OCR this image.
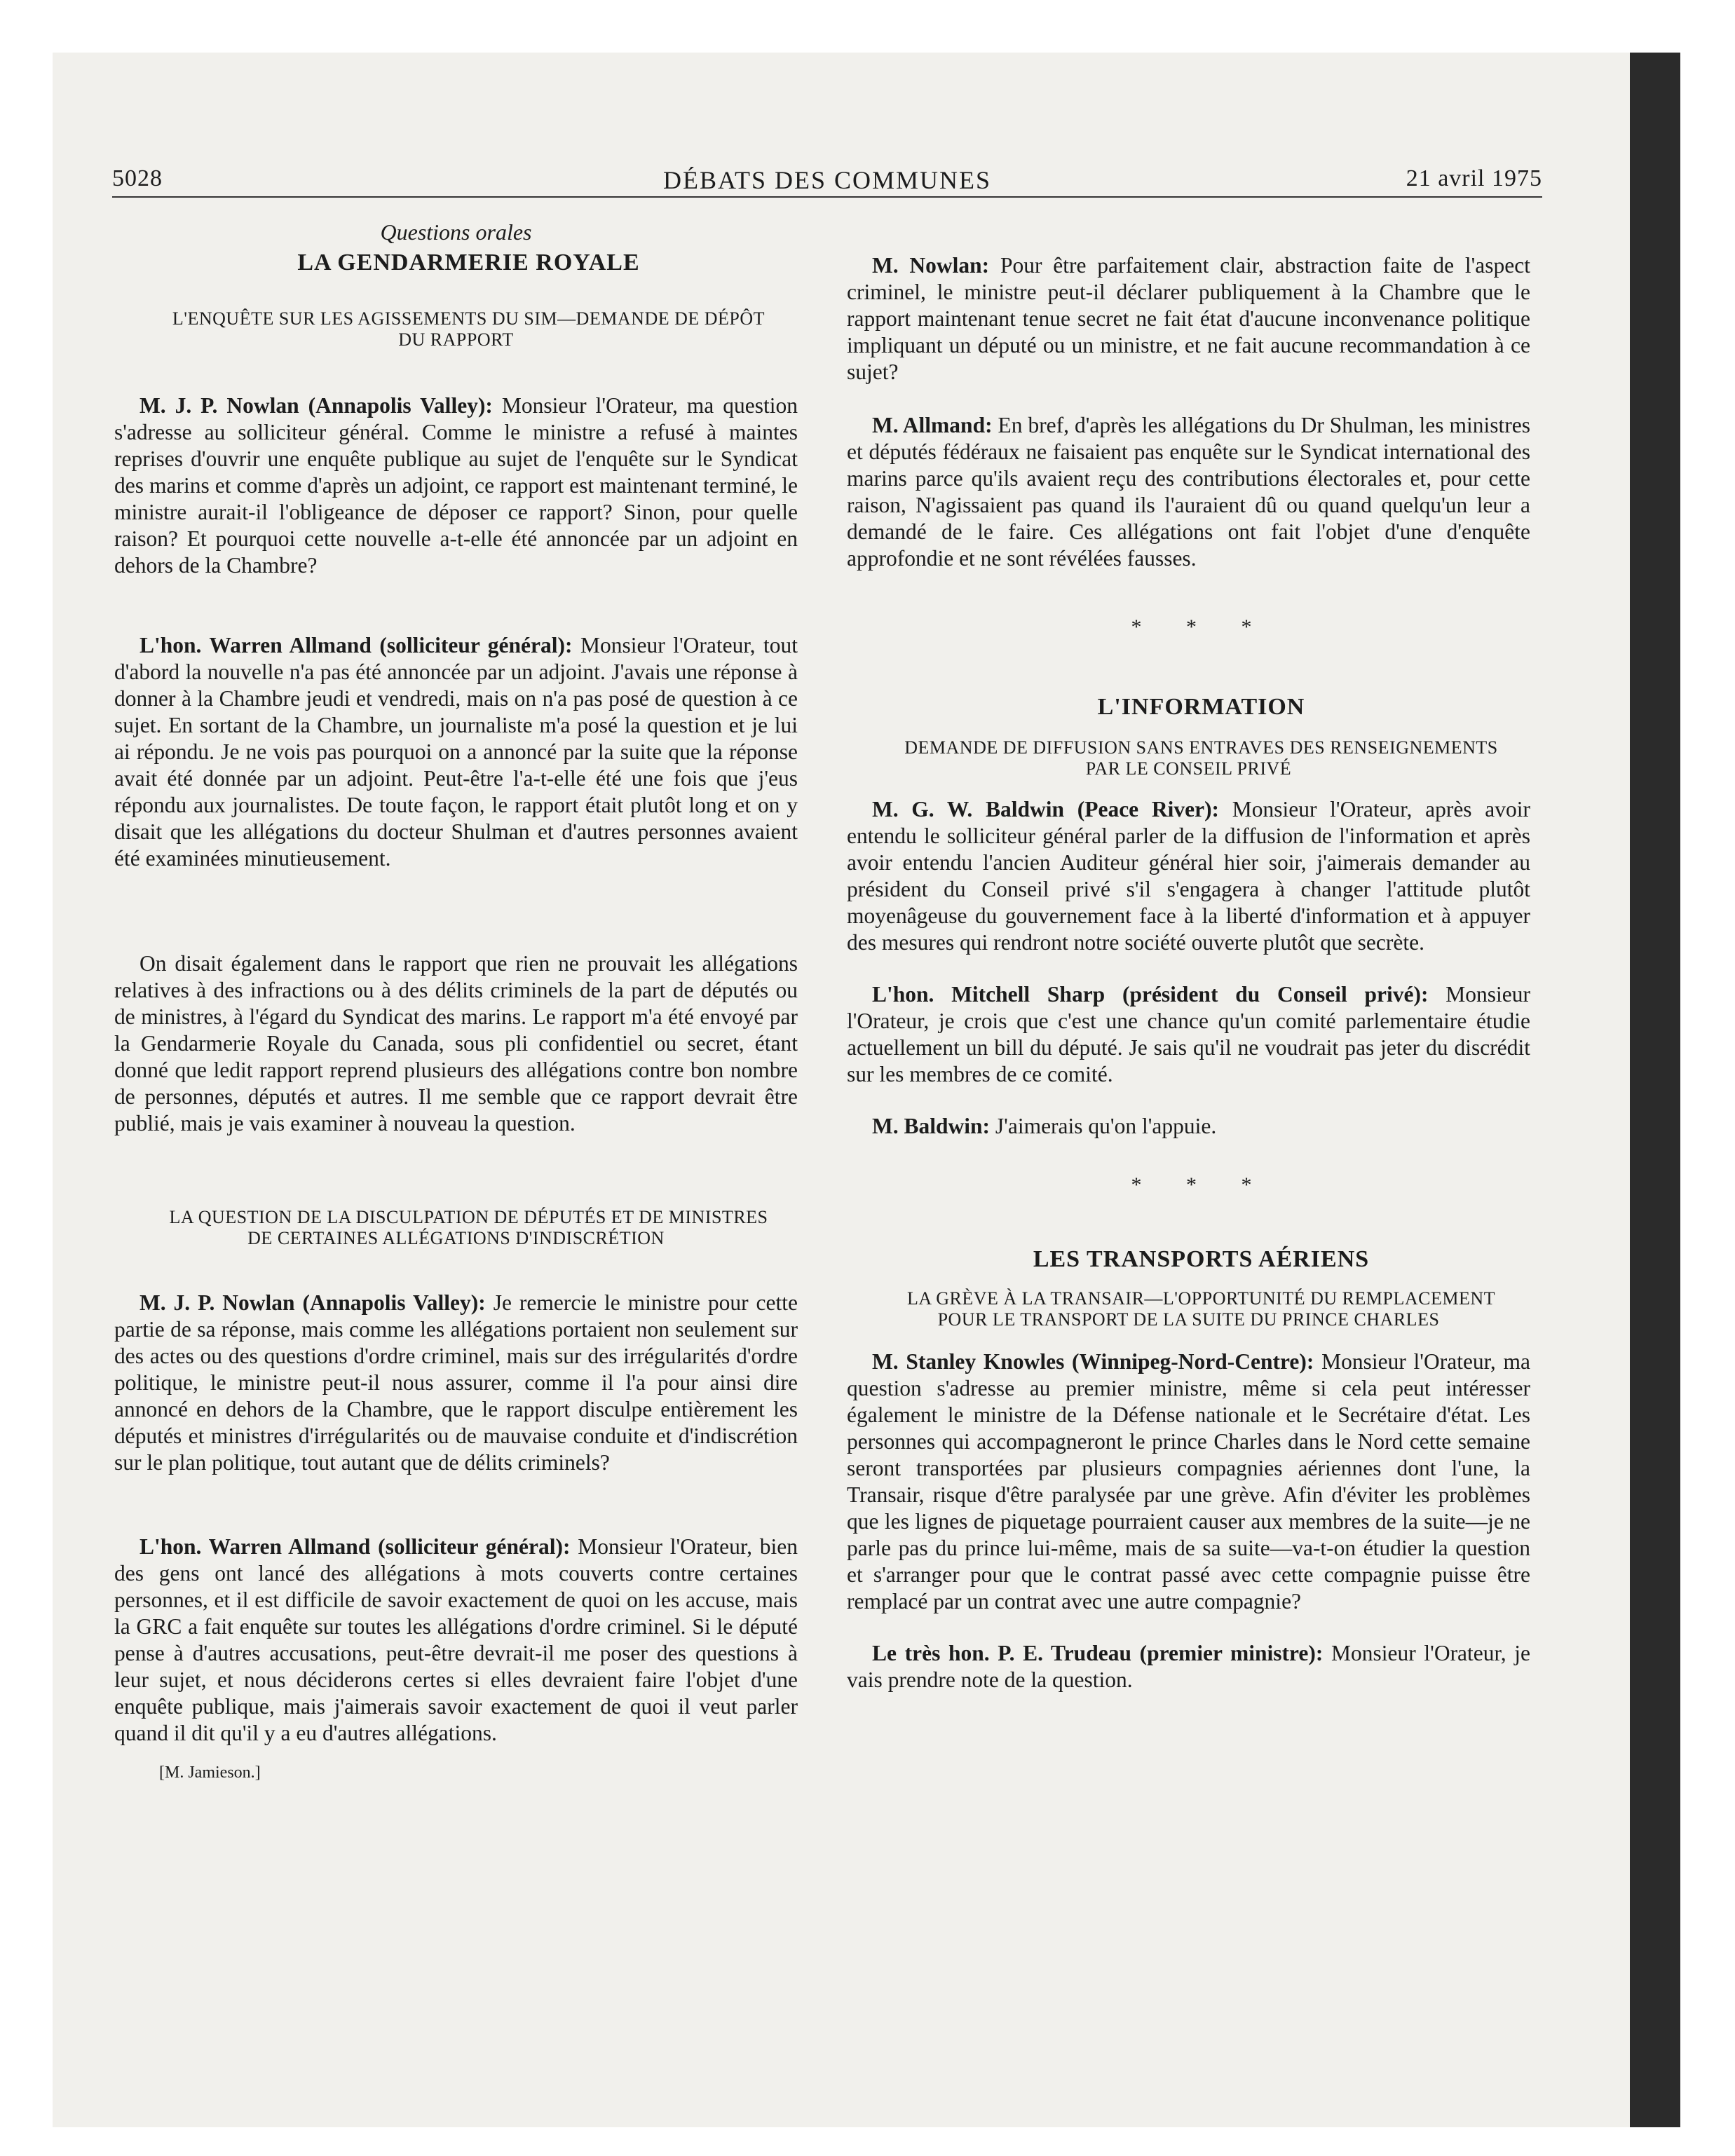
5028	DÉBATS DES COMMUNES	21 avril 1975

Questions orales

LA GENDARMERIE ROYALE

L'ENQUÊTE SUR LES AGISSEMENTS DU SIM—DEMANDE DE DÉPÔT DU RAPPORT

M. J. P. Nowlan (Annapolis Valley): Monsieur l'Orateur, ma question s'adresse au solliciteur général. Comme le ministre a refusé à maintes reprises d'ouvrir une enquête publique au sujet de l'enquête sur le Syndicat des marins et comme d'après un adjoint, ce rapport est maintenant terminé, le ministre aurait-il l'obligeance de déposer ce rapport? Sinon, pour quelle raison? Et pourquoi cette nouvelle a-t-elle été annoncée par un adjoint en dehors de la Chambre?

L'hon. Warren Allmand (solliciteur général): Monsieur l'Orateur, tout d'abord la nouvelle n'a pas été annoncée par un adjoint. J'avais une réponse à donner à la Chambre jeudi et vendredi, mais on n'a pas posé de question à ce sujet. En sortant de la Chambre, un journaliste m'a posé la question et je lui ai répondu. Je ne vois pas pourquoi on a annoncé par la suite que la réponse avait été donnée par un adjoint. Peut-être l'a-t-elle été une fois que j'eus répondu aux journalistes. De toute façon, le rapport était plutôt long et on y disait que les allégations du docteur Shulman et d'autres personnes avaient été examinées minutieusement.

On disait également dans le rapport que rien ne prouvait les allégations relatives à des infractions ou à des délits criminels de la part de députés ou de ministres, à l'égard du Syndicat des marins. Le rapport m'a été envoyé par la Gendarmerie Royale du Canada, sous pli confidentiel ou secret, étant donné que ledit rapport reprend plusieurs des allégations contre bon nombre de personnes, députés et autres. Il me semble que ce rapport devrait être publié, mais je vais examiner à nouveau la question.

LA QUESTION DE LA DISCULPATION DE DÉPUTÉS ET DE MINISTRES DE CERTAINES ALLÉGATIONS D'INDISCRÉTION

M. J. P. Nowlan (Annapolis Valley): Je remercie le ministre pour cette partie de sa réponse, mais comme les allégations portaient non seulement sur des actes ou des questions d'ordre criminel, mais sur des irrégularités d'ordre politique, le ministre peut-il nous assurer, comme il l'a pour ainsi dire annoncé en dehors de la Chambre, que le rapport disculpe entièrement les députés et ministres d'irrégularités ou de mauvaise conduite et d'indiscrétion sur le plan politique, tout autant que de délits criminels?

L'hon. Warren Allmand (solliciteur général): Monsieur l'Orateur, bien des gens ont lancé des allégations à mots couverts contre certaines personnes, et il est difficile de savoir exactement de quoi on les accuse, mais la GRC a fait enquête sur toutes les allégations d'ordre criminel. Si le député pense à d'autres accusations, peut-être devrait-il me poser des questions à leur sujet, et nous déciderons certes si elles devraient faire l'objet d'une enquête publique, mais j'aimerais savoir exactement de quoi il veut parler quand il dit qu'il y a eu d'autres allégations.

[M. Jamieson.]

M. Nowlan: Pour être parfaitement clair, abstraction faite de l'aspect criminel, le ministre peut-il déclarer publiquement à la Chambre que le rapport maintenant tenue secret ne fait état d'aucune inconvenance politique impliquant un député ou un ministre, et ne fait aucune recommandation à ce sujet?

M. Allmand: En bref, d'après les allégations du Dr Shulman, les ministres et députés fédéraux ne faisaient pas enquête sur le Syndicat international des marins parce qu'ils avaient reçu des contributions électorales et, pour cette raison, N'agissaient pas quand ils l'auraient dû ou quand quelqu'un leur a demandé de le faire. Ces allégations ont fait l'objet d'une d'enquête approfondie et ne sont révélées fausses.

* * *

L'INFORMATION

DEMANDE DE DIFFUSION SANS ENTRAVES DES RENSEIGNEMENTS PAR LE CONSEIL PRIVÉ

M. G. W. Baldwin (Peace River): Monsieur l'Orateur, après avoir entendu le solliciteur général parler de la diffusion de l'information et après avoir entendu l'ancien Auditeur général hier soir, j'aimerais demander au président du Conseil privé s'il s'engagera à changer l'attitude plutôt moyenâgeuse du gouvernement face à la liberté d'information et à appuyer des mesures qui rendront notre société ouverte plutôt que secrète.

L'hon. Mitchell Sharp (président du Conseil privé): Monsieur l'Orateur, je crois que c'est une chance qu'un comité parlementaire étudie actuellement un bill du député. Je sais qu'il ne voudrait pas jeter du discrédit sur les membres de ce comité.

M. Baldwin: J'aimerais qu'on l'appuie.

* * *

LES TRANSPORTS AÉRIENS

LA GRÈVE À LA TRANSAIR—L'OPPORTUNITÉ DU REMPLACEMENT POUR LE TRANSPORT DE LA SUITE DU PRINCE CHARLES

M. Stanley Knowles (Winnipeg-Nord-Centre): Monsieur l'Orateur, ma question s'adresse au premier ministre, même si cela peut intéresser également le ministre de la Défense nationale et le Secrétaire d'état. Les personnes qui accompagneront le prince Charles dans le Nord cette semaine seront transportées par plusieurs compagnies aériennes dont l'une, la Transair, risque d'être paralysée par une grève. Afin d'éviter les problèmes que les lignes de piquetage pourraient causer aux membres de la suite—je ne parle pas du prince lui-même, mais de sa suite—va-t-on étudier la question et s'arranger pour que le contrat passé avec cette compagnie puisse être remplacé par un contrat avec une autre compagnie?

Le très hon. P. E. Trudeau (premier ministre): Monsieur l'Orateur, je vais prendre note de la question.
